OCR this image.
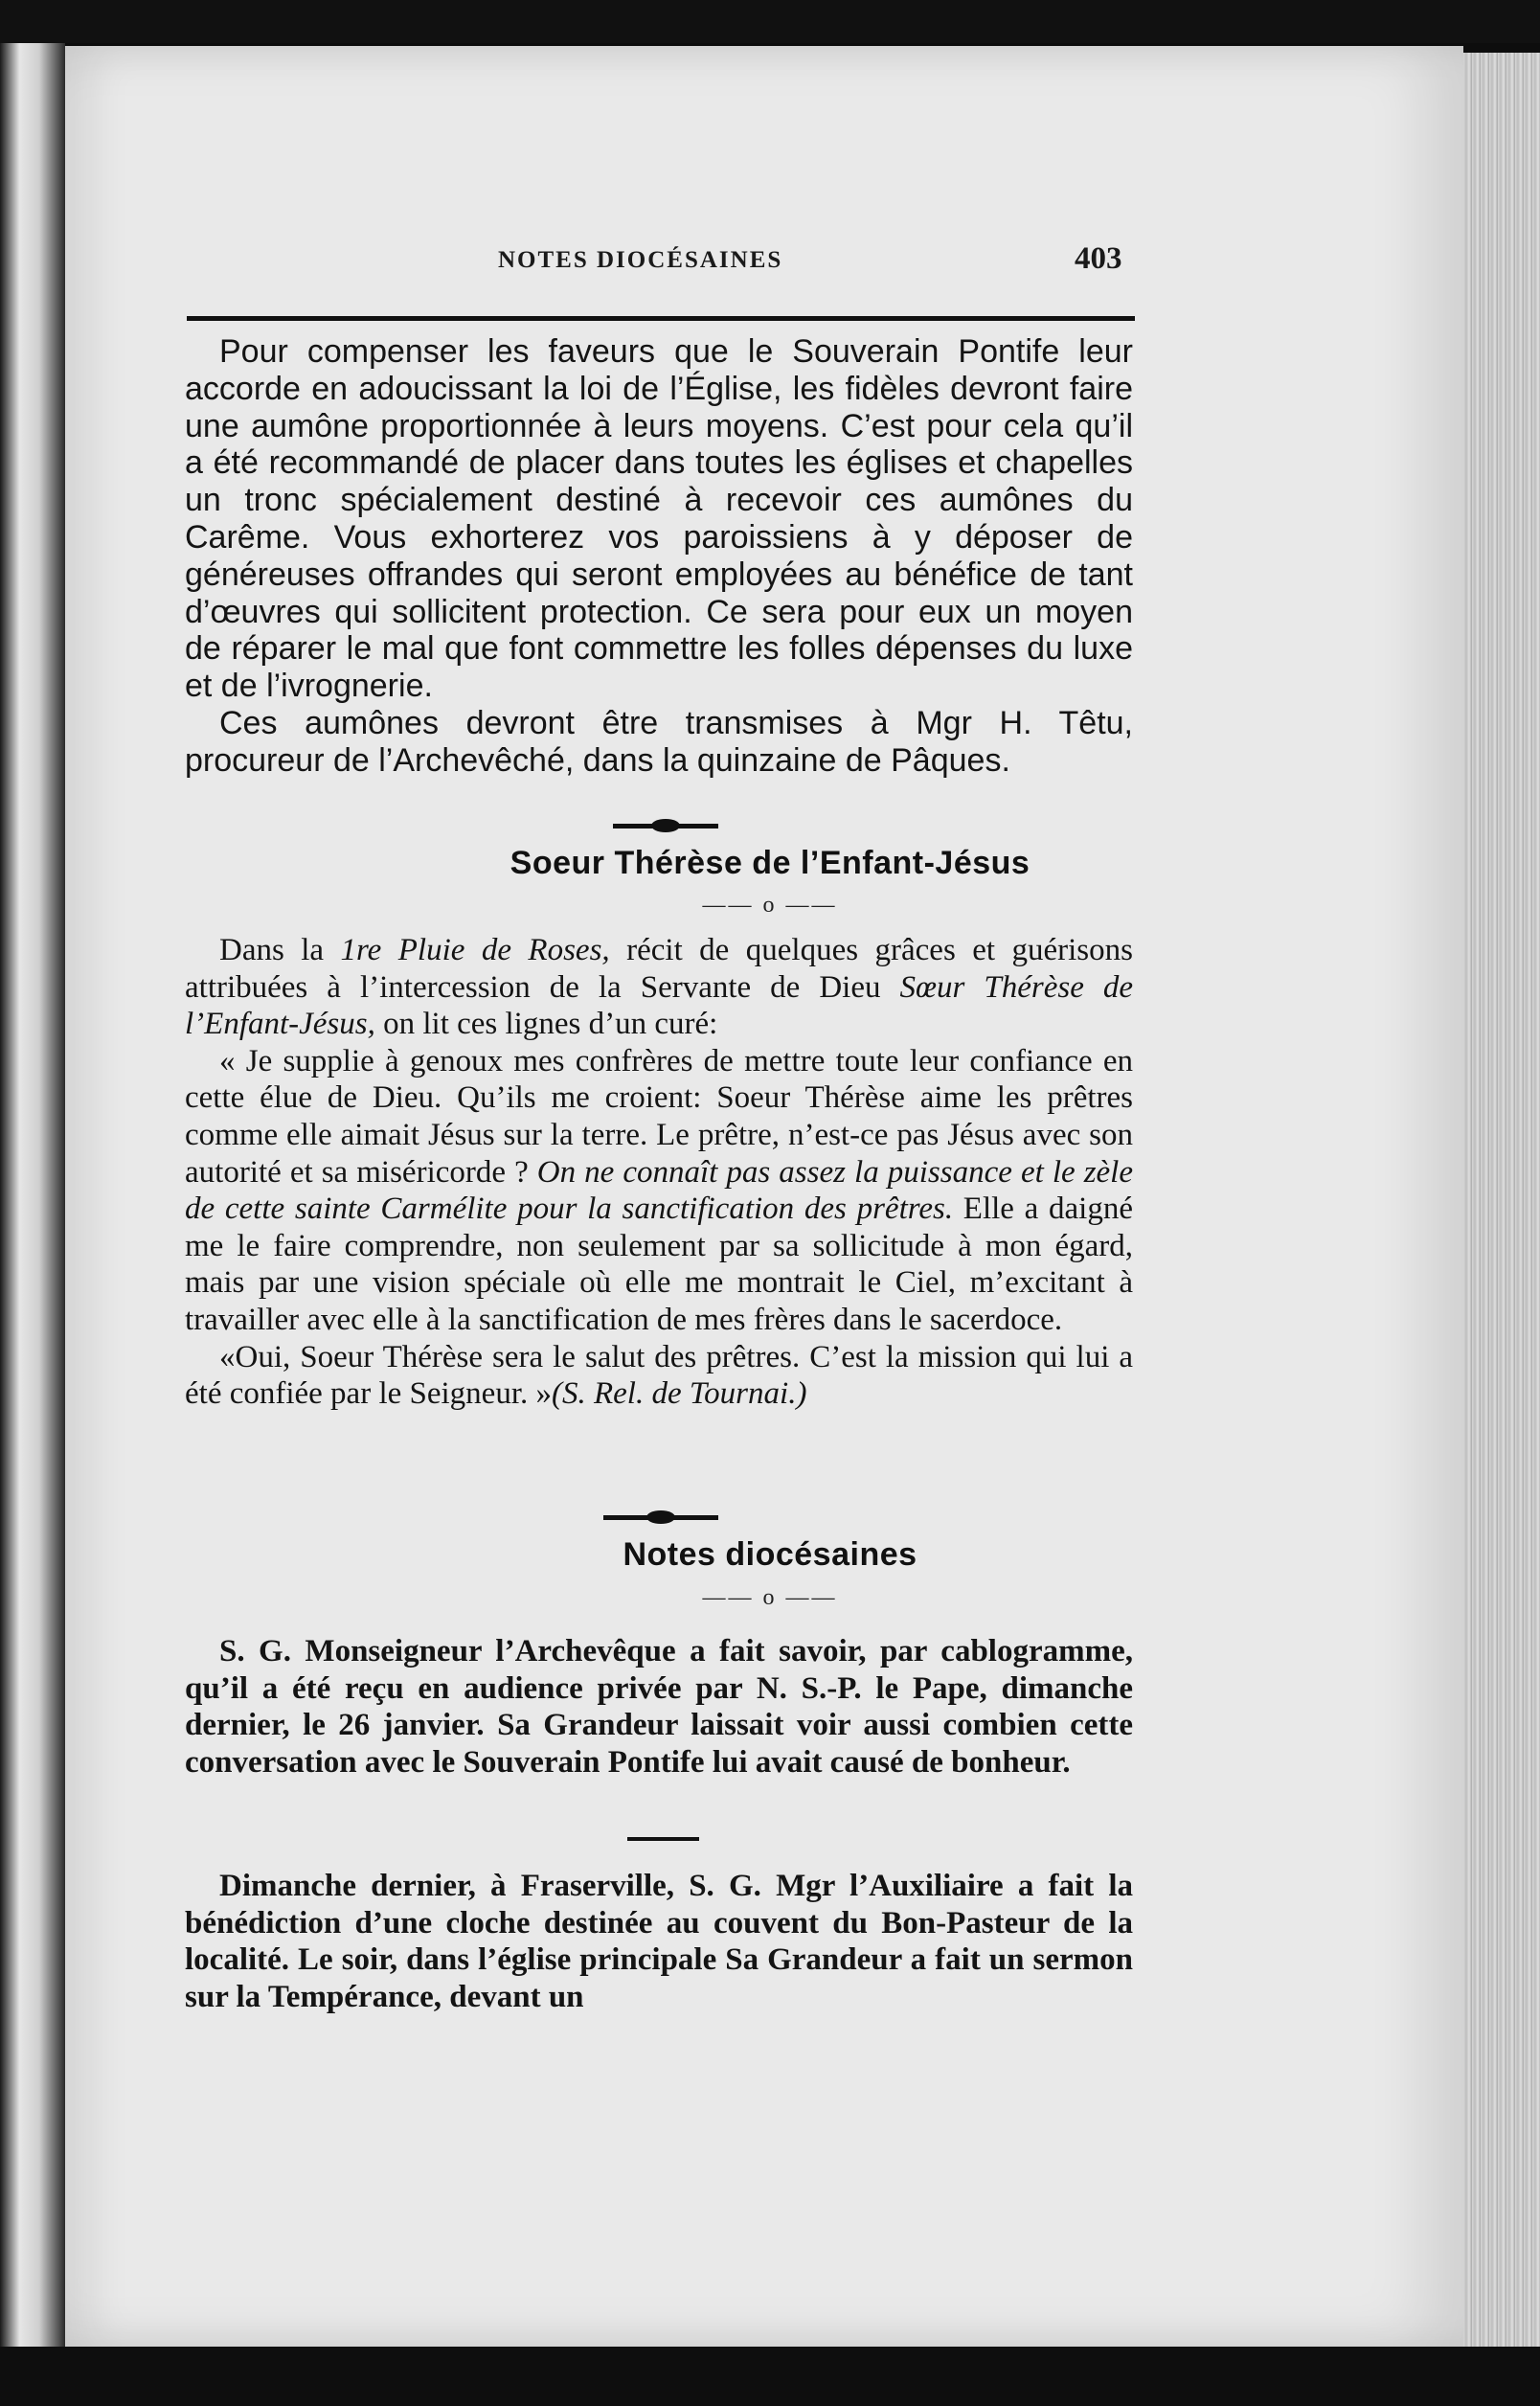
NOTES DIOCÉSAINES	403

Pour compenser les faveurs que le Souverain Pontife leur accorde en adoucissant la loi de l’Église, les fidèles devront faire une aumône proportionnée à leurs moyens. C’est pour cela qu’il a été recommandé de placer dans toutes les églises et chapelles un tronc spécialement destiné à recevoir ces aumônes du Carême. Vous exhorterez vos paroissiens à y déposer de généreuses offrandes qui seront employées au bénéfice de tant d’œuvres qui sollicitent protection. Ce sera pour eux un moyen de réparer le mal que font commettre les folles dépenses du luxe et de l’ivrognerie.

Ces aumônes devront être transmises à Mgr H. Têtu, procureur de l’Archevêché, dans la quinzaine de Pâques.

Soeur Thérèse de l’Enfant-Jésus
—— o ——

Dans la 1re Pluie de Roses, récit de quelques grâces et guérisons attribuées à l’intercession de la Servante de Dieu Sœur Thérèse de l’Enfant-Jésus, on lit ces lignes d’un curé:

« Je supplie à genoux mes confrères de mettre toute leur confiance en cette élue de Dieu. Qu’ils me croient: Soeur Thérèse aime les prêtres comme elle aimait Jésus sur la terre. Le prêtre, n’est-ce pas Jésus avec son autorité et sa miséricorde ? On ne connaît pas assez la puissance et le zèle de cette sainte Carmélite pour la sanctification des prêtres. Elle a daigné me le faire comprendre, non seulement par sa sollicitude à mon égard, mais par une vision spéciale où elle me montrait le Ciel, m’excitant à travailler avec elle à la sanctification de mes frères dans le sacerdoce.

«Oui, Soeur Thérèse sera le salut des prêtres. C’est la mission qui lui a été confiée par le Seigneur. »(S. Rel. de Tournai.)

Notes diocésaines
—— o ——

S. G. Monseigneur l’Archevêque a fait savoir, par cablogramme, qu’il a été reçu en audience privée par N. S.-P. le Pape, dimanche dernier, le 26 janvier. Sa Grandeur laissait voir aussi combien cette conversation avec le Souverain Pontife lui avait causé de bonheur.

Dimanche dernier, à Fraserville, S. G. Mgr l’Auxiliaire a fait la bénédiction d’une cloche destinée au couvent du Bon-Pasteur de la localité. Le soir, dans l’église principale Sa Grandeur a fait un sermon sur la Tempérance, devant un
